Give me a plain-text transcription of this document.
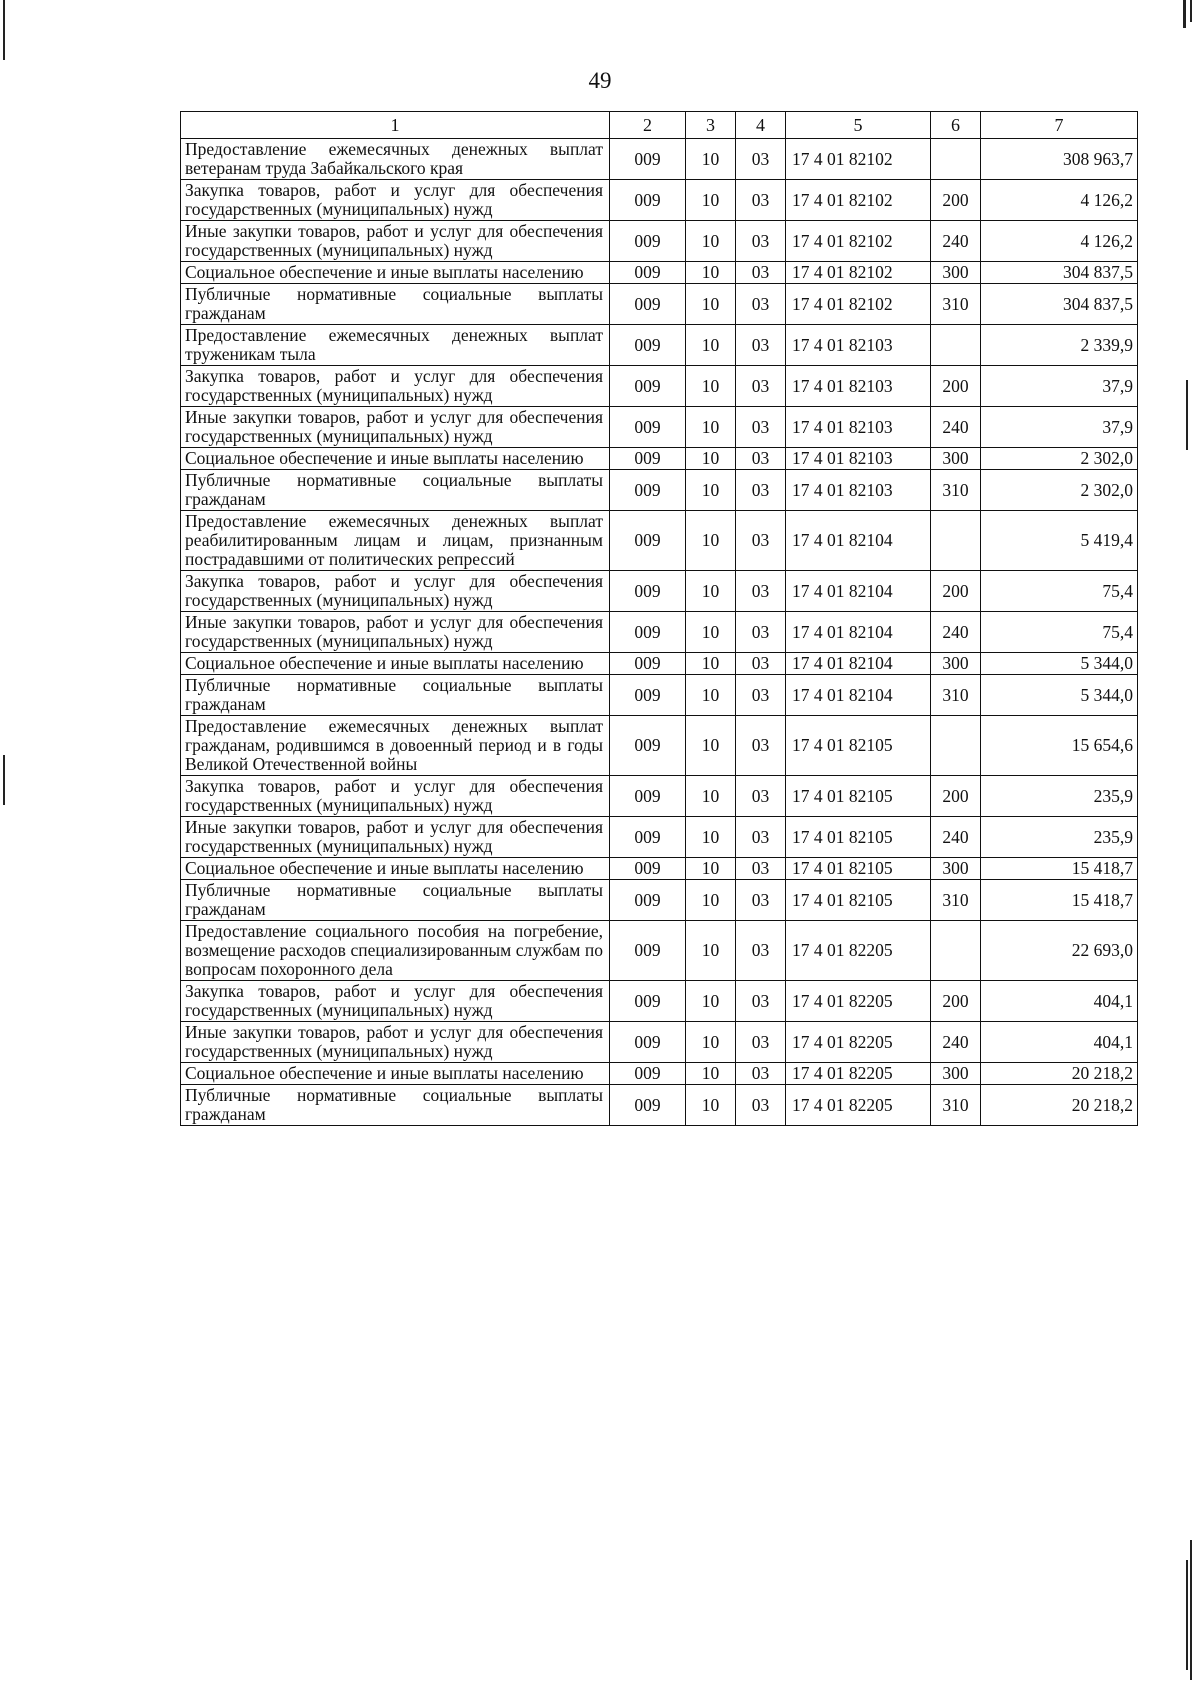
49
1	2	3	4	5	6	7
Предоставление ежемесячных денежных выплат ветеранам труда Забайкальского края	009	10	03	17 4 01 82102		308 963,7
Закупка товаров, работ и услуг для обеспечения государственных (муниципальных) нужд	009	10	03	17 4 01 82102	200	4 126,2
Иные закупки товаров, работ и услуг для обеспечения государственных (муниципальных) нужд	009	10	03	17 4 01 82102	240	4 126,2
Социальное обеспечение и иные выплаты населению	009	10	03	17 4 01 82102	300	304 837,5
Публичные нормативные социальные выплаты гражданам	009	10	03	17 4 01 82102	310	304 837,5
Предоставление ежемесячных денежных выплат труженикам тыла	009	10	03	17 4 01 82103		2 339,9
Закупка товаров, работ и услуг для обеспечения государственных (муниципальных) нужд	009	10	03	17 4 01 82103	200	37,9
Иные закупки товаров, работ и услуг для обеспечения государственных (муниципальных) нужд	009	10	03	17 4 01 82103	240	37,9
Социальное обеспечение и иные выплаты населению	009	10	03	17 4 01 82103	300	2 302,0
Публичные нормативные социальные выплаты гражданам	009	10	03	17 4 01 82103	310	2 302,0
Предоставление ежемесячных денежных выплат реабилитированным лицам и лицам, признанным пострадавшими от политических репрессий	009	10	03	17 4 01 82104		5 419,4
Закупка товаров, работ и услуг для обеспечения государственных (муниципальных) нужд	009	10	03	17 4 01 82104	200	75,4
Иные закупки товаров, работ и услуг для обеспечения государственных (муниципальных) нужд	009	10	03	17 4 01 82104	240	75,4
Социальное обеспечение и иные выплаты населению	009	10	03	17 4 01 82104	300	5 344,0
Публичные нормативные социальные выплаты гражданам	009	10	03	17 4 01 82104	310	5 344,0
Предоставление ежемесячных денежных выплат гражданам, родившимся в довоенный период и в годы Великой Отечественной войны	009	10	03	17 4 01 82105		15 654,6
Закупка товаров, работ и услуг для обеспечения государственных (муниципальных) нужд	009	10	03	17 4 01 82105	200	235,9
Иные закупки товаров, работ и услуг для обеспечения государственных (муниципальных) нужд	009	10	03	17 4 01 82105	240	235,9
Социальное обеспечение и иные выплаты населению	009	10	03	17 4 01 82105	300	15 418,7
Публичные нормативные социальные выплаты гражданам	009	10	03	17 4 01 82105	310	15 418,7
Предоставление социального пособия на погребение, возмещение расходов специализированным службам по вопросам похоронного дела	009	10	03	17 4 01 82205		22 693,0
Закупка товаров, работ и услуг для обеспечения государственных (муниципальных) нужд	009	10	03	17 4 01 82205	200	404,1
Иные закупки товаров, работ и услуг для обеспечения государственных (муниципальных) нужд	009	10	03	17 4 01 82205	240	404,1
Социальное обеспечение и иные выплаты населению	009	10	03	17 4 01 82205	300	20 218,2
Публичные нормативные социальные выплаты гражданам	009	10	03	17 4 01 82205	310	20 218,2
